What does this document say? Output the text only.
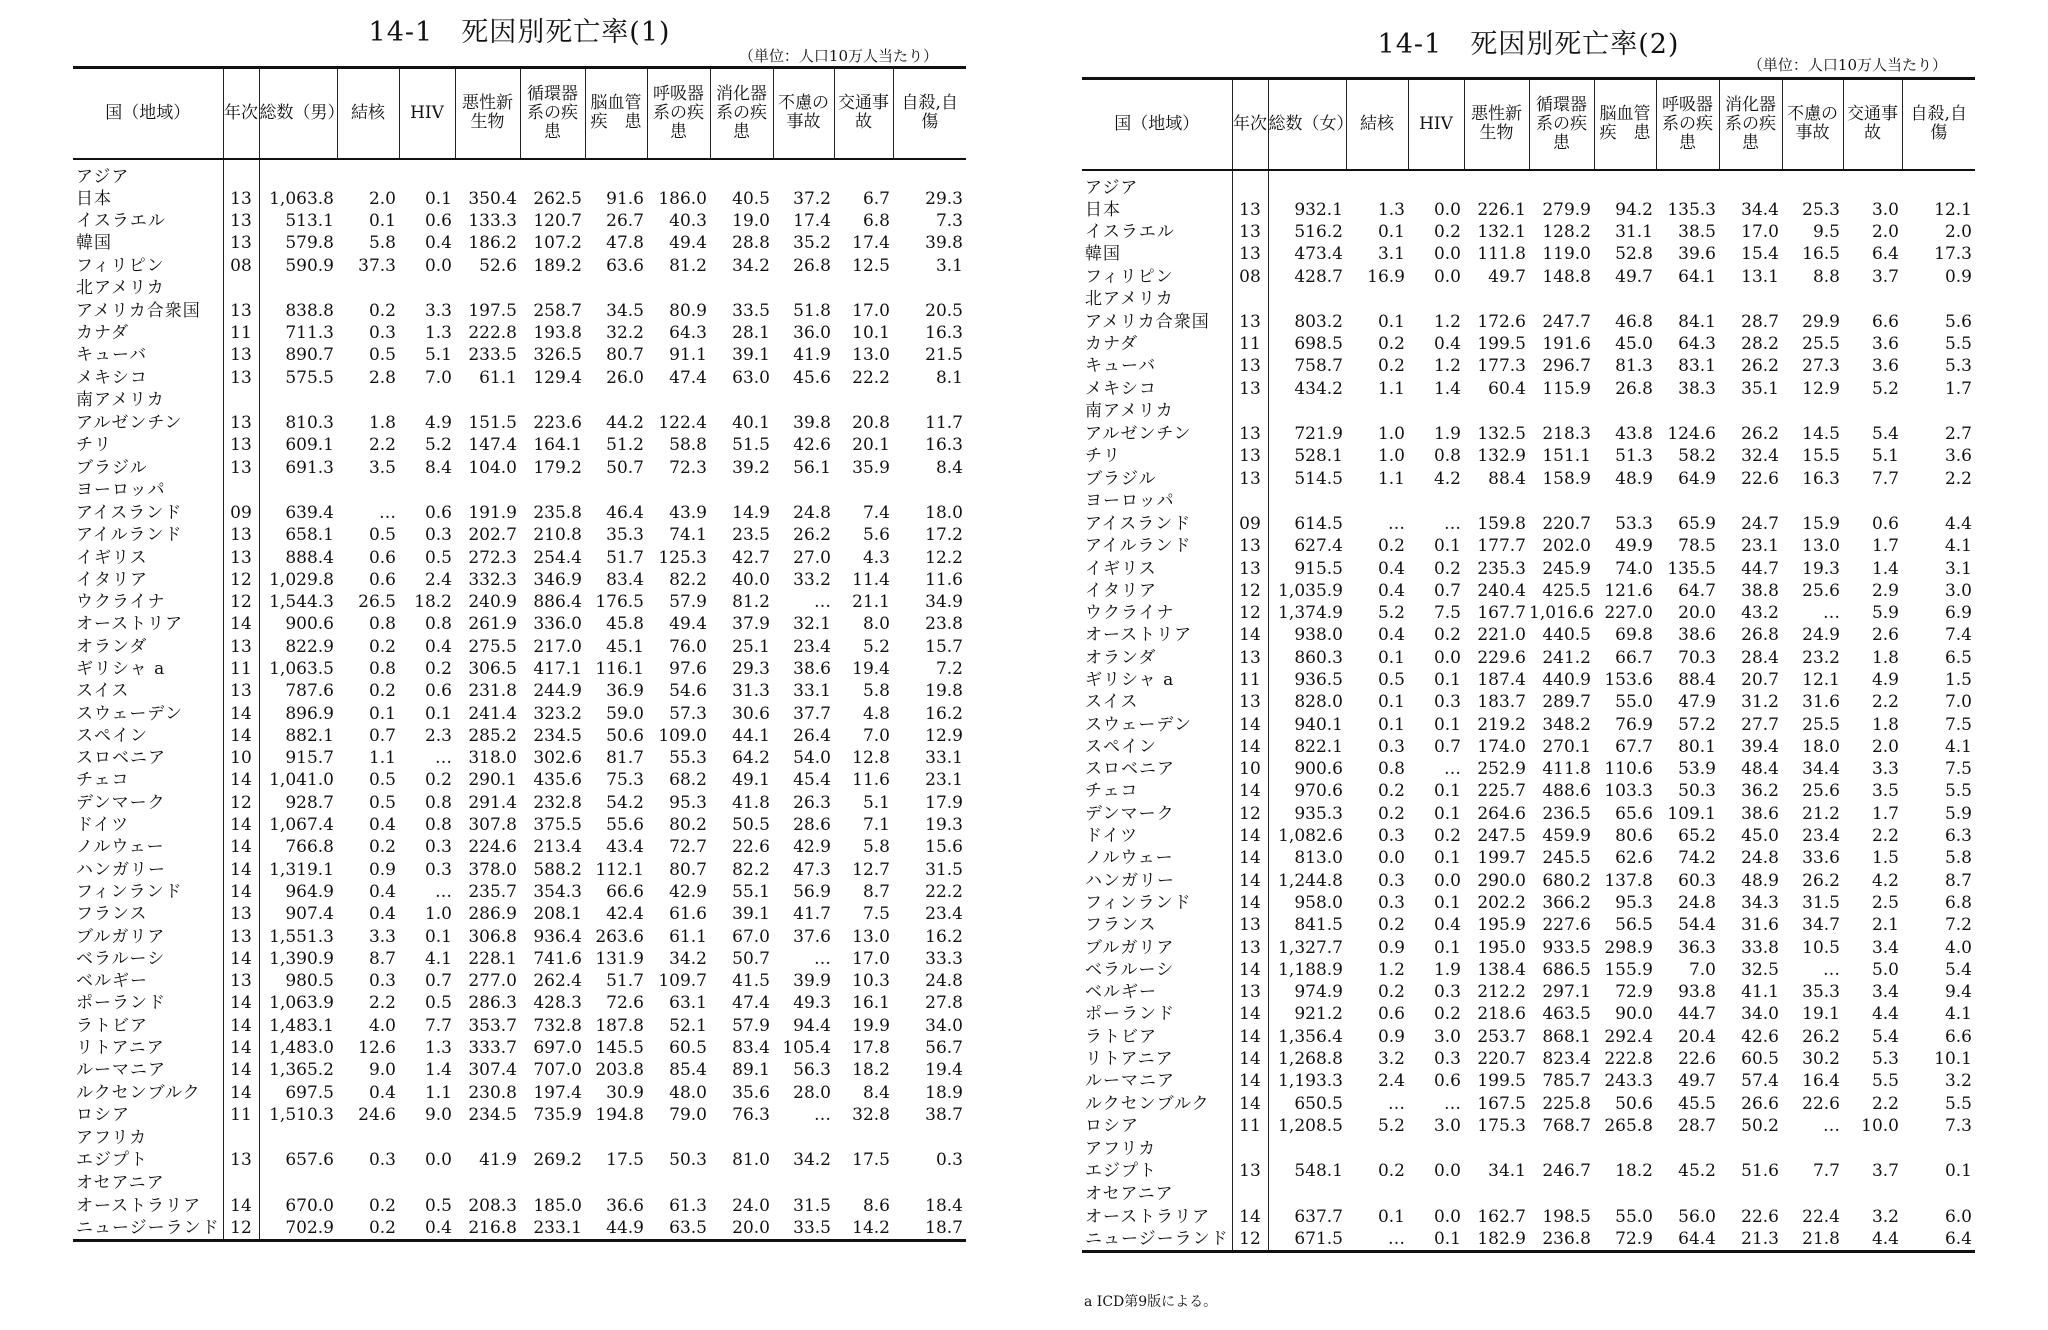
14-1　死因別死亡率(1)
（単位：人口10万人当たり）
国（地域）	年次	総数（男）	結核	HIV	悪性新生物	循環器系の疾患	脳血管疾　患	呼吸器系の疾患	消化器系の疾患	不慮の事故	交通事故	自殺,自傷
アジア												
日本	13	1,063.8	2.0	0.1	350.4	262.5	91.6	186.0	40.5	37.2	6.7	29.3
イスラエル	13	513.1	0.1	0.6	133.3	120.7	26.7	40.3	19.0	17.4	6.8	7.3
韓国	13	579.8	5.8	0.4	186.2	107.2	47.8	49.4	28.8	35.2	17.4	39.8
フィリピン	08	590.9	37.3	0.0	52.6	189.2	63.6	81.2	34.2	26.8	12.5	3.1
北アメリカ												
アメリカ合衆国	13	838.8	0.2	3.3	197.5	258.7	34.5	80.9	33.5	51.8	17.0	20.5
カナダ	11	711.3	0.3	1.3	222.8	193.8	32.2	64.3	28.1	36.0	10.1	16.3
キューバ	13	890.7	0.5	5.1	233.5	326.5	80.7	91.1	39.1	41.9	13.0	21.5
メキシコ	13	575.5	2.8	7.0	61.1	129.4	26.0	47.4	63.0	45.6	22.2	8.1
南アメリカ												
アルゼンチン	13	810.3	1.8	4.9	151.5	223.6	44.2	122.4	40.1	39.8	20.8	11.7
チリ	13	609.1	2.2	5.2	147.4	164.1	51.2	58.8	51.5	42.6	20.1	16.3
ブラジル	13	691.3	3.5	8.4	104.0	179.2	50.7	72.3	39.2	56.1	35.9	8.4
ヨーロッパ												
アイスランド	09	639.4	…	0.6	191.9	235.8	46.4	43.9	14.9	24.8	7.4	18.0
アイルランド	13	658.1	0.5	0.3	202.7	210.8	35.3	74.1	23.5	26.2	5.6	17.2
イギリス	13	888.4	0.6	0.5	272.3	254.4	51.7	125.3	42.7	27.0	4.3	12.2
イタリア	12	1,029.8	0.6	2.4	332.3	346.9	83.4	82.2	40.0	33.2	11.4	11.6
ウクライナ	12	1,544.3	26.5	18.2	240.9	886.4	176.5	57.9	81.2	…	21.1	34.9
オーストリア	14	900.6	0.8	0.8	261.9	336.0	45.8	49.4	37.9	32.1	8.0	23.8
オランダ	13	822.9	0.2	0.4	275.5	217.0	45.1	76.0	25.1	23.4	5.2	15.7
ギリシャ a	11	1,063.5	0.8	0.2	306.5	417.1	116.1	97.6	29.3	38.6	19.4	7.2
スイス	13	787.6	0.2	0.6	231.8	244.9	36.9	54.6	31.3	33.1	5.8	19.8
スウェーデン	14	896.9	0.1	0.1	241.4	323.2	59.0	57.3	30.6	37.7	4.8	16.2
スペイン	14	882.1	0.7	2.3	285.2	234.5	50.6	109.0	44.1	26.4	7.0	12.9
スロベニア	10	915.7	1.1	…	318.0	302.6	81.7	55.3	64.2	54.0	12.8	33.1
チェコ	14	1,041.0	0.5	0.2	290.1	435.6	75.3	68.2	49.1	45.4	11.6	23.1
デンマーク	12	928.7	0.5	0.8	291.4	232.8	54.2	95.3	41.8	26.3	5.1	17.9
ドイツ	14	1,067.4	0.4	0.8	307.8	375.5	55.6	80.2	50.5	28.6	7.1	19.3
ノルウェー	14	766.8	0.2	0.3	224.6	213.4	43.4	72.7	22.6	42.9	5.8	15.6
ハンガリー	14	1,319.1	0.9	0.3	378.0	588.2	112.1	80.7	82.2	47.3	12.7	31.5
フィンランド	14	964.9	0.4	…	235.7	354.3	66.6	42.9	55.1	56.9	8.7	22.2
フランス	13	907.4	0.4	1.0	286.9	208.1	42.4	61.6	39.1	41.7	7.5	23.4
ブルガリア	13	1,551.3	3.3	0.1	306.8	936.4	263.6	61.1	67.0	37.6	13.0	16.2
ベラルーシ	14	1,390.9	8.7	4.1	228.1	741.6	131.9	34.2	50.7	…	17.0	33.3
ベルギー	13	980.5	0.3	0.7	277.0	262.4	51.7	109.7	41.5	39.9	10.3	24.8
ポーランド	14	1,063.9	2.2	0.5	286.3	428.3	72.6	63.1	47.4	49.3	16.1	27.8
ラトビア	14	1,483.1	4.0	7.7	353.7	732.8	187.8	52.1	57.9	94.4	19.9	34.0
リトアニア	14	1,483.0	12.6	1.3	333.7	697.0	145.5	60.5	83.4	105.4	17.8	56.7
ルーマニア	14	1,365.2	9.0	1.4	307.4	707.0	203.8	85.4	89.1	56.3	18.2	19.4
ルクセンブルク	14	697.5	0.4	1.1	230.8	197.4	30.9	48.0	35.6	28.0	8.4	18.9
ロシア	11	1,510.3	24.6	9.0	234.5	735.9	194.8	79.0	76.3	…	32.8	38.7
アフリカ												
エジプト	13	657.6	0.3	0.0	41.9	269.2	17.5	50.3	81.0	34.2	17.5	0.3
オセアニア												
オーストラリア	14	670.0	0.2	0.5	208.3	185.0	36.6	61.3	24.0	31.5	8.6	18.4
ニュージーランド	12	702.9	0.2	0.4	216.8	233.1	44.9	63.5	20.0	33.5	14.2	18.7
14-1　死因別死亡率(2)
（単位：人口10万人当たり）
国（地域）	年次	総数（女）	結核	HIV	悪性新生物	循環器系の疾患	脳血管疾　患	呼吸器系の疾患	消化器系の疾患	不慮の事故	交通事故	自殺,自傷
アジア												
日本	13	932.1	1.3	0.0	226.1	279.9	94.2	135.3	34.4	25.3	3.0	12.1
イスラエル	13	516.2	0.1	0.2	132.1	128.2	31.1	38.5	17.0	9.5	2.0	2.0
韓国	13	473.4	3.1	0.0	111.8	119.0	52.8	39.6	15.4	16.5	6.4	17.3
フィリピン	08	428.7	16.9	0.0	49.7	148.8	49.7	64.1	13.1	8.8	3.7	0.9
北アメリカ												
アメリカ合衆国	13	803.2	0.1	1.2	172.6	247.7	46.8	84.1	28.7	29.9	6.6	5.6
カナダ	11	698.5	0.2	0.4	199.5	191.6	45.0	64.3	28.2	25.5	3.6	5.5
キューバ	13	758.7	0.2	1.2	177.3	296.7	81.3	83.1	26.2	27.3	3.6	5.3
メキシコ	13	434.2	1.1	1.4	60.4	115.9	26.8	38.3	35.1	12.9	5.2	1.7
南アメリカ												
アルゼンチン	13	721.9	1.0	1.9	132.5	218.3	43.8	124.6	26.2	14.5	5.4	2.7
チリ	13	528.1	1.0	0.8	132.9	151.1	51.3	58.2	32.4	15.5	5.1	3.6
ブラジル	13	514.5	1.1	4.2	88.4	158.9	48.9	64.9	22.6	16.3	7.7	2.2
ヨーロッパ												
アイスランド	09	614.5	…	…	159.8	220.7	53.3	65.9	24.7	15.9	0.6	4.4
アイルランド	13	627.4	0.2	0.1	177.7	202.0	49.9	78.5	23.1	13.0	1.7	4.1
イギリス	13	915.5	0.4	0.2	235.3	245.9	74.0	135.5	44.7	19.3	1.4	3.1
イタリア	12	1,035.9	0.4	0.7	240.4	425.5	121.6	64.7	38.8	25.6	2.9	3.0
ウクライナ	12	1,374.9	5.2	7.5	167.7	1,016.6	227.0	20.0	43.2	…	5.9	6.9
オーストリア	14	938.0	0.4	0.2	221.0	440.5	69.8	38.6	26.8	24.9	2.6	7.4
オランダ	13	860.3	0.1	0.0	229.6	241.2	66.7	70.3	28.4	23.2	1.8	6.5
ギリシャ a	11	936.5	0.5	0.1	187.4	440.9	153.6	88.4	20.7	12.1	4.9	1.5
スイス	13	828.0	0.1	0.3	183.7	289.7	55.0	47.9	31.2	31.6	2.2	7.0
スウェーデン	14	940.1	0.1	0.1	219.2	348.2	76.9	57.2	27.7	25.5	1.8	7.5
スペイン	14	822.1	0.3	0.7	174.0	270.1	67.7	80.1	39.4	18.0	2.0	4.1
スロベニア	10	900.6	0.8	…	252.9	411.8	110.6	53.9	48.4	34.4	3.3	7.5
チェコ	14	970.6	0.2	0.1	225.7	488.6	103.3	50.3	36.2	25.6	3.5	5.5
デンマーク	12	935.3	0.2	0.1	264.6	236.5	65.6	109.1	38.6	21.2	1.7	5.9
ドイツ	14	1,082.6	0.3	0.2	247.5	459.9	80.6	65.2	45.0	23.4	2.2	6.3
ノルウェー	14	813.0	0.0	0.1	199.7	245.5	62.6	74.2	24.8	33.6	1.5	5.8
ハンガリー	14	1,244.8	0.3	0.0	290.0	680.2	137.8	60.3	48.9	26.2	4.2	8.7
フィンランド	14	958.0	0.3	0.1	202.2	366.2	95.3	24.8	34.3	31.5	2.5	6.8
フランス	13	841.5	0.2	0.4	195.9	227.6	56.5	54.4	31.6	34.7	2.1	7.2
ブルガリア	13	1,327.7	0.9	0.1	195.0	933.5	298.9	36.3	33.8	10.5	3.4	4.0
ベラルーシ	14	1,188.9	1.2	1.9	138.4	686.5	155.9	7.0	32.5	…	5.0	5.4
ベルギー	13	974.9	0.2	0.3	212.2	297.1	72.9	93.8	41.1	35.3	3.4	9.4
ポーランド	14	921.2	0.6	0.2	218.6	463.5	90.0	44.7	34.0	19.1	4.4	4.1
ラトビア	14	1,356.4	0.9	3.0	253.7	868.1	292.4	20.4	42.6	26.2	5.4	6.6
リトアニア	14	1,268.8	3.2	0.3	220.7	823.4	222.8	22.6	60.5	30.2	5.3	10.1
ルーマニア	14	1,193.3	2.4	0.6	199.5	785.7	243.3	49.7	57.4	16.4	5.5	3.2
ルクセンブルク	14	650.5	…	…	167.5	225.8	50.6	45.5	26.6	22.6	2.2	5.5
ロシア	11	1,208.5	5.2	3.0	175.3	768.7	265.8	28.7	50.2	…	10.0	7.3
アフリカ												
エジプト	13	548.1	0.2	0.0	34.1	246.7	18.2	45.2	51.6	7.7	3.7	0.1
オセアニア												
オーストラリア	14	637.7	0.1	0.0	162.7	198.5	55.0	56.0	22.6	22.4	3.2	6.0
ニュージーランド	12	671.5	…	0.1	182.9	236.8	72.9	64.4	21.3	21.8	4.4	6.4
a ICD第9版による。
